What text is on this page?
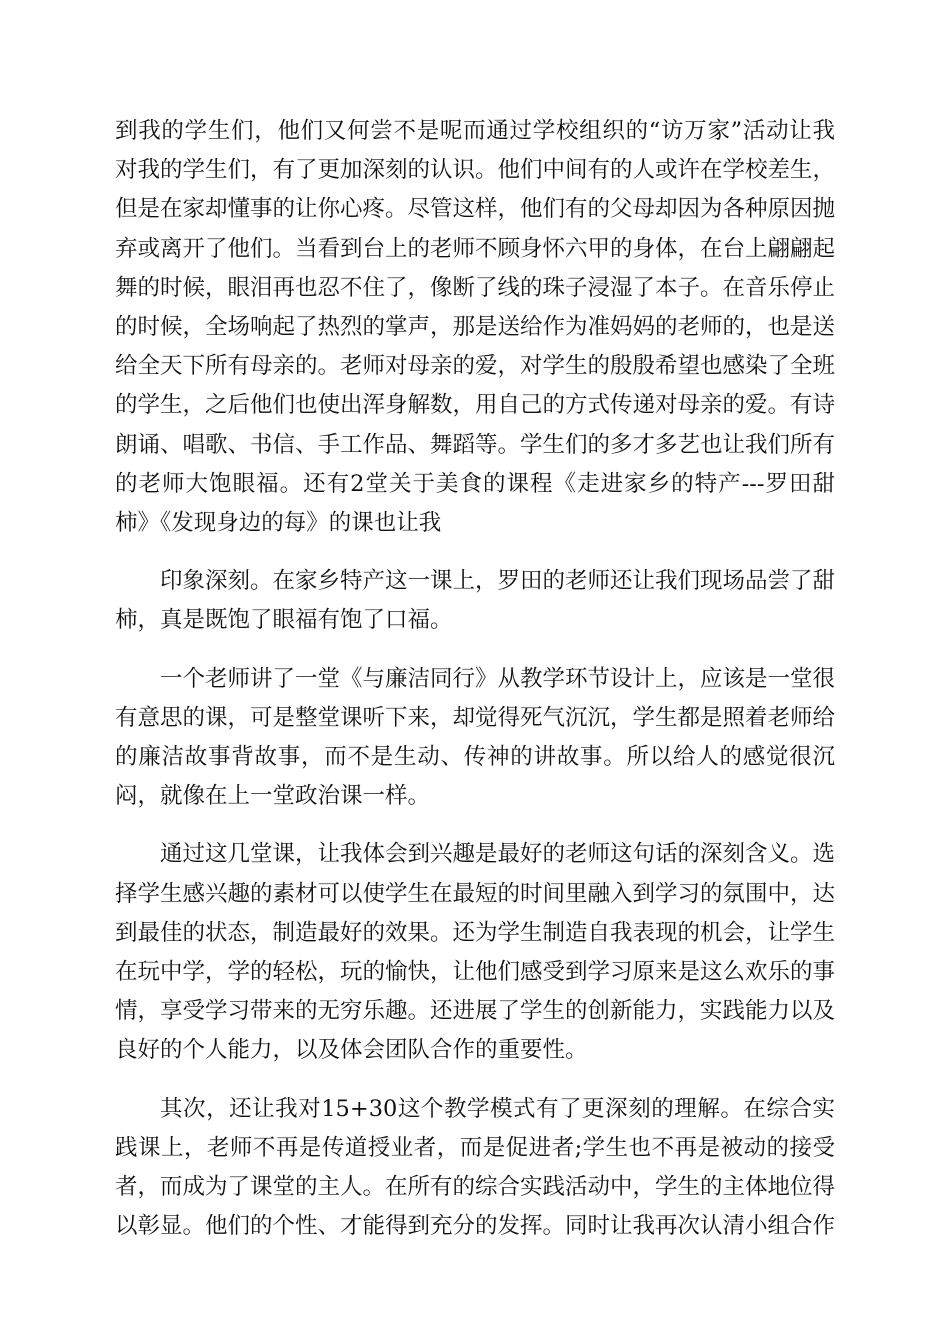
到我的学生们，他们又何尝不是呢而通过学校组织的“访万家”活动让我对我的学生们，有了更加深刻的认识。他们中间有的人或许在学校差生，但是在家却懂事的让你心疼。尽管这样，他们有的父母却因为各种原因抛弃或离开了他们。当看到台上的老师不顾身怀六甲的身体，在台上翩翩起舞的时候，眼泪再也忍不住了，像断了线的珠子浸湿了本子。在音乐停止的时候，全场响起了热烈的掌声，那是送给作为准妈妈的老师的，也是送给全天下所有母亲的。老师对母亲的爱，对学生的殷殷希望也感染了全班的学生，之后他们也使出浑身解数，用自己的方式传递对母亲的爱。有诗朗诵、唱歌、书信、手工作品、舞蹈等。学生们的多才多艺也让我们所有的老师大饱眼福。还有2堂关于美食的课程《走进家乡的特产---罗田甜柿》《发现身边的每》的课也让我

印象深刻。在家乡特产这一课上，罗田的老师还让我们现场品尝了甜柿，真是既饱了眼福有饱了口福。

一个老师讲了一堂《与廉洁同行》从教学环节设计上，应该是一堂很有意思的课，可是整堂课听下来，却觉得死气沉沉，学生都是照着老师给的廉洁故事背故事，而不是生动、传神的讲故事。所以给人的感觉很沉闷，就像在上一堂政治课一样。

通过这几堂课，让我体会到兴趣是最好的老师这句话的深刻含义。选择学生感兴趣的素材可以使学生在最短的时间里融入到学习的氛围中，达到最佳的状态，制造最好的效果。还为学生制造自我表现的机会，让学生在玩中学，学的轻松，玩的愉快，让他们感受到学习原来是这么欢乐的事情，享受学习带来的无穷乐趣。还进展了学生的创新能力，实践能力以及良好的个人能力，以及体会团队合作的重要性。

其次，还让我对15+30这个教学模式有了更深刻的理解。在综合实践课上，老师不再是传道授业者，而是促进者;学生也不再是被动的接受者，而成为了课堂的主人。在所有的综合实践活动中，学生的主体地位得以彰显。他们的个性、才能得到充分的发挥。同时让我再次认清小组合作
